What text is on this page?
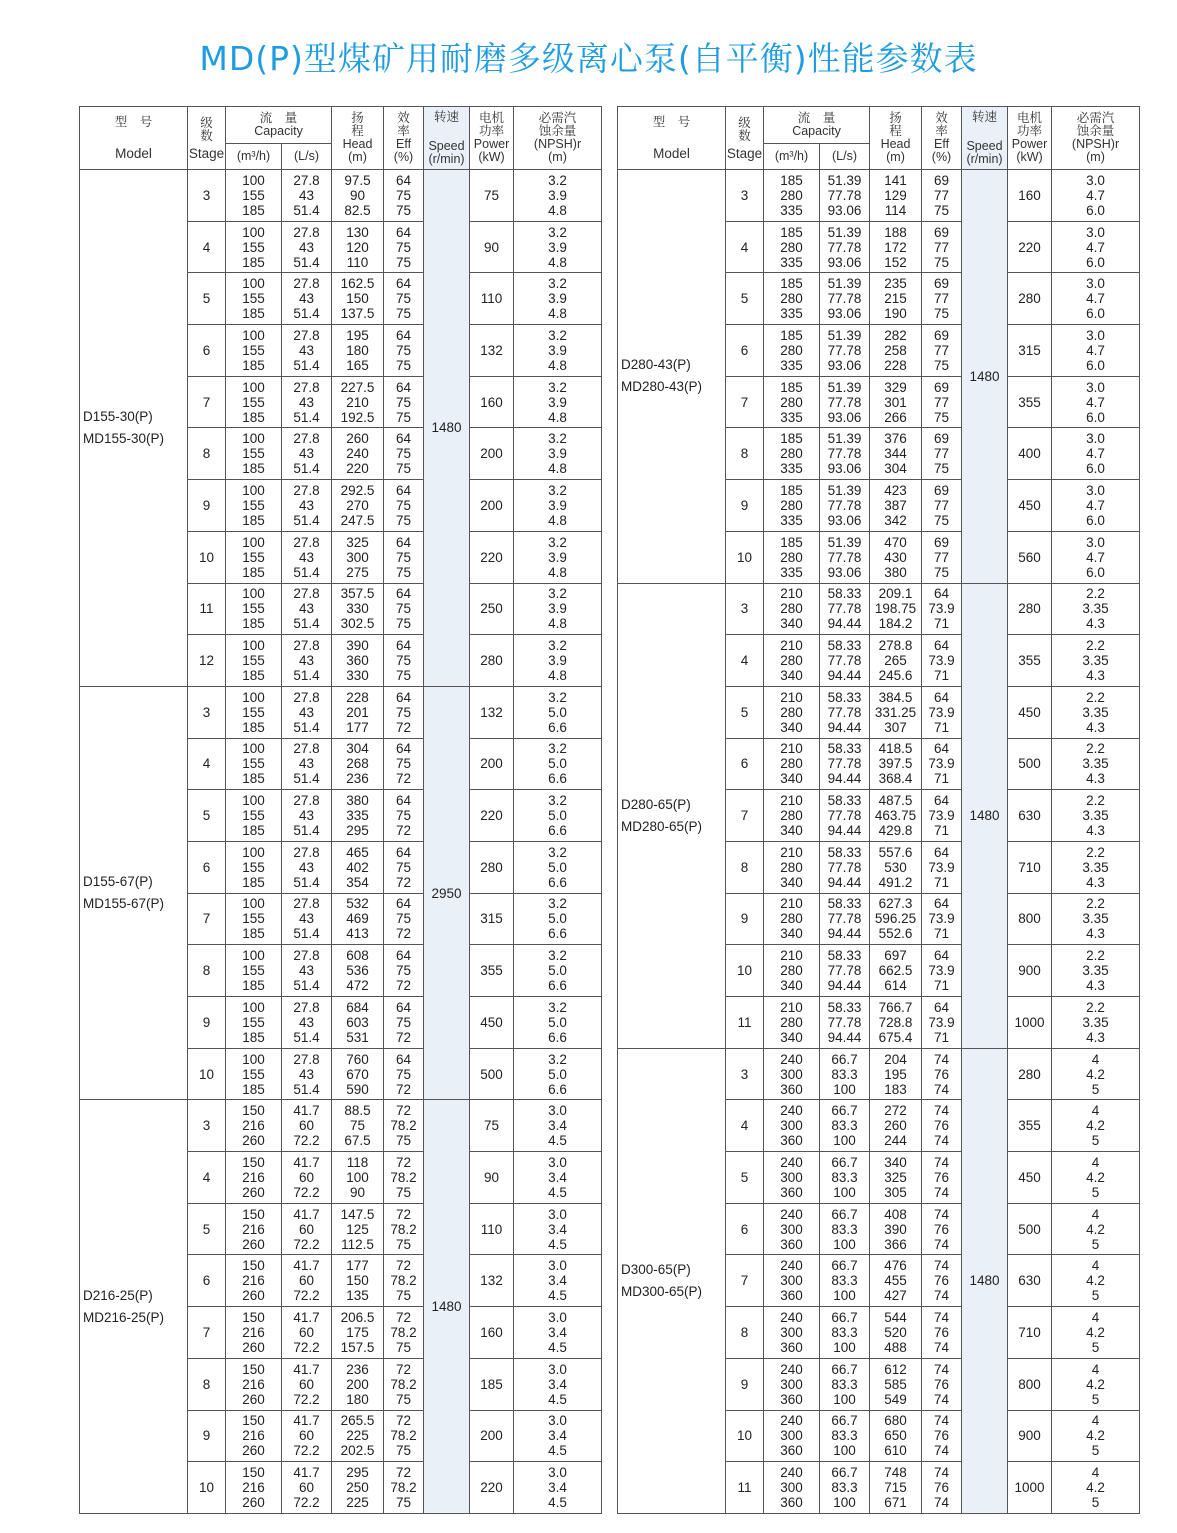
MD(P)型煤矿用耐磨多级离心泵(自平衡)性能参数表
型　号
Model	级
数
Stage	流　量
Capacity		扬
程
Head
(m)	效
率
Eff
(%)	转速
Speed
(r/min)	电机
功率
Power
(kW)	必需汽
蚀余量
(NPSH)r
(m)

		(m³/h)	(L/s)					

D155-30(P)
MD155-30(P)	3	100
155
185	27.8
43
51.4	97.5
90
82.5	64
75
75	1480	75	3.2
3.9
4.8

	4	100
155
185	27.8
43
51.4	130
120
110	64
75
75		90	3.2
3.9
4.8

	5	100
155
185	27.8
43
51.4	162.5
150
137.5	64
75
75		110	3.2
3.9
4.8

	6	100
155
185	27.8
43
51.4	195
180
165	64
75
75		132	3.2
3.9
4.8

	7	100
155
185	27.8
43
51.4	227.5
210
192.5	64
75
75		160	3.2
3.9
4.8

	8	100
155
185	27.8
43
51.4	260
240
220	64
75
75		200	3.2
3.9
4.8

	9	100
155
185	27.8
43
51.4	292.5
270
247.5	64
75
75		200	3.2
3.9
4.8

	10	100
155
185	27.8
43
51.4	325
300
275	64
75
75		220	3.2
3.9
4.8

	11	100
155
185	27.8
43
51.4	357.5
330
302.5	64
75
75		250	3.2
3.9
4.8

	12	100
155
185	27.8
43
51.4	390
360
330	64
75
75		280	3.2
3.9
4.8

D155-67(P)
MD155-67(P)	3	100
155
185	27.8
43
51.4	228
201
177	64
75
72	2950	132	3.2
5.0
6.6

	4	100
155
185	27.8
43
51.4	304
268
236	64
75
72		200	3.2
5.0
6.6

	5	100
155
185	27.8
43
51.4	380
335
295	64
75
72		220	3.2
5.0
6.6

	6	100
155
185	27.8
43
51.4	465
402
354	64
75
72		280	3.2
5.0
6.6

	7	100
155
185	27.8
43
51.4	532
469
413	64
75
72		315	3.2
5.0
6.6

	8	100
155
185	27.8
43
51.4	608
536
472	64
75
72		355	3.2
5.0
6.6

	9	100
155
185	27.8
43
51.4	684
603
531	64
75
72		450	3.2
5.0
6.6

	10	100
155
185	27.8
43
51.4	760
670
590	64
75
72		500	3.2
5.0
6.6

D216-25(P)
MD216-25(P)	3	150
216
260	41.7
60
72.2	88.5
75
67.5	72
78.2
75	1480	75	3.0
3.4
4.5

	4	150
216
260	41.7
60
72.2	118
100
90	72
78.2
75		90	3.0
3.4
4.5

	5	150
216
260	41.7
60
72.2	147.5
125
112.5	72
78.2
75		110	3.0
3.4
4.5

	6	150
216
260	41.7
60
72.2	177
150
135	72
78.2
75		132	3.0
3.4
4.5

	7	150
216
260	41.7
60
72.2	206.5
175
157.5	72
78.2
75		160	3.0
3.4
4.5

	8	150
216
260	41.7
60
72.2	236
200
180	72
78.2
75		185	3.0
3.4
4.5

	9	150
216
260	41.7
60
72.2	265.5
225
202.5	72
78.2
75		200	3.0
3.4
4.5

	10	150
216
260	41.7
60
72.2	295
250
225	72
78.2
75		220	3.0
3.4
4.5
型　号
Model	级
数
Stage	流　量
Capacity		扬
程
Head
(m)	效
率
Eff
(%)	转速
Speed
(r/min)	电机
功率
Power
(kW)	必需汽
蚀余量
(NPSH)r
(m)

		(m³/h)	(L/s)					

D280-43(P)
MD280-43(P)	3	185
280
335	51.39
77.78
93.06	141
129
114	69
77
75	1480	160	3.0
4.7
6.0

	4	185
280
335	51.39
77.78
93.06	188
172
152	69
77
75		220	3.0
4.7
6.0

	5	185
280
335	51.39
77.78
93.06	235
215
190	69
77
75		280	3.0
4.7
6.0

	6	185
280
335	51.39
77.78
93.06	282
258
228	69
77
75		315	3.0
4.7
6.0

	7	185
280
335	51.39
77.78
93.06	329
301
266	69
77
75		355	3.0
4.7
6.0

	8	185
280
335	51.39
77.78
93.06	376
344
304	69
77
75		400	3.0
4.7
6.0

	9	185
280
335	51.39
77.78
93.06	423
387
342	69
77
75		450	3.0
4.7
6.0

	10	185
280
335	51.39
77.78
93.06	470
430
380	69
77
75		560	3.0
4.7
6.0

D280-65(P)
MD280-65(P)	3	210
280
340	58.33
77.78
94.44	209.1
198.75
184.2	64
73.9
71	1480	280	2.2
3.35
4.3

	4	210
280
340	58.33
77.78
94.44	278.8
265
245.6	64
73.9
71		355	2.2
3.35
4.3

	5	210
280
340	58.33
77.78
94.44	384.5
331.25
307	64
73.9
71		450	2.2
3.35
4.3

	6	210
280
340	58.33
77.78
94.44	418.5
397.5
368.4	64
73.9
71		500	2.2
3.35
4.3

	7	210
280
340	58.33
77.78
94.44	487.5
463.75
429.8	64
73.9
71		630	2.2
3.35
4.3

	8	210
280
340	58.33
77.78
94.44	557.6
530
491.2	64
73.9
71		710	2.2
3.35
4.3

	9	210
280
340	58.33
77.78
94.44	627.3
596.25
552.6	64
73.9
71		800	2.2
3.35
4.3

	10	210
280
340	58.33
77.78
94.44	697
662.5
614	64
73.9
71		900	2.2
3.35
4.3

	11	210
280
340	58.33
77.78
94.44	766.7
728.8
675.4	64
73.9
71		1000	2.2
3.35
4.3

D300-65(P)
MD300-65(P)	3	240
300
360	66.7
83.3
100	204
195
183	74
76
74	1480	280	4
4.2
5

	4	240
300
360	66.7
83.3
100	272
260
244	74
76
74		355	4
4.2
5

	5	240
300
360	66.7
83.3
100	340
325
305	74
76
74		450	4
4.2
5

	6	240
300
360	66.7
83.3
100	408
390
366	74
76
74		500	4
4.2
5

	7	240
300
360	66.7
83.3
100	476
455
427	74
76
74		630	4
4.2
5

	8	240
300
360	66.7
83.3
100	544
520
488	74
76
74		710	4
4.2
5

	9	240
300
360	66.7
83.3
100	612
585
549	74
76
74		800	4
4.2
5

	10	240
300
360	66.7
83.3
100	680
650
610	74
76
74		900	4
4.2
5

	11	240
300
360	66.7
83.3
100	748
715
671	74
76
74		1000	4
4.2
5
